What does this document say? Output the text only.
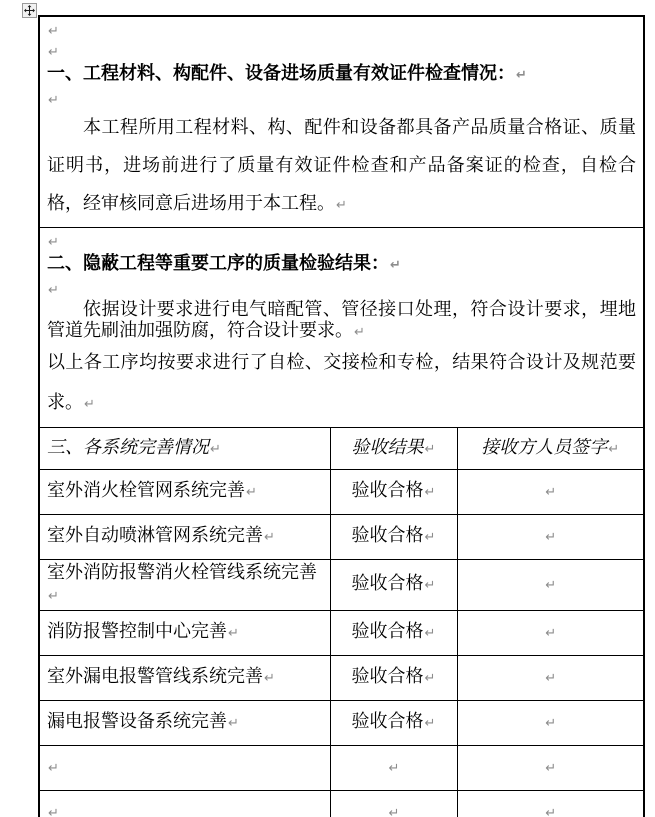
↵
↵
一、工程材料、构配件、设备进场质量有效证件检查情况：↵
↵

本工程所用工程材料、构、配件和设备都具备产品质量合格证、质量证明书，进场前进行了质量有效证件检查和产品备案证的检查，自检合格，经审核同意后进场用于本工程。↵		

↵
二、隐蔽工程等重要工序的质量检验结果：↵
↵

依据设计要求进行电气暗配管、管径接口处理，符合设计要求，埋地管道先刷油加强防腐，符合设计要求。↵

以上各工序均按要求进行了自检、交接检和专检，结果符合设计及规范要求。↵		

三、各系统完善情况↵	验收结果↵	接收方人员签字↵
室外消火栓管网系统完善↵	验收合格↵	↵
室外自动喷淋管网系统完善↵	验收合格↵	↵
室外消防报警消火栓管线系统完善↵	验收合格↵	↵
消防报警控制中心完善↵	验收合格↵	↵
室外漏电报警管线系统完善↵	验收合格↵	↵
漏电报警设备系统完善↵	验收合格↵	↵
↵	↵	↵
↵	↵	↵
